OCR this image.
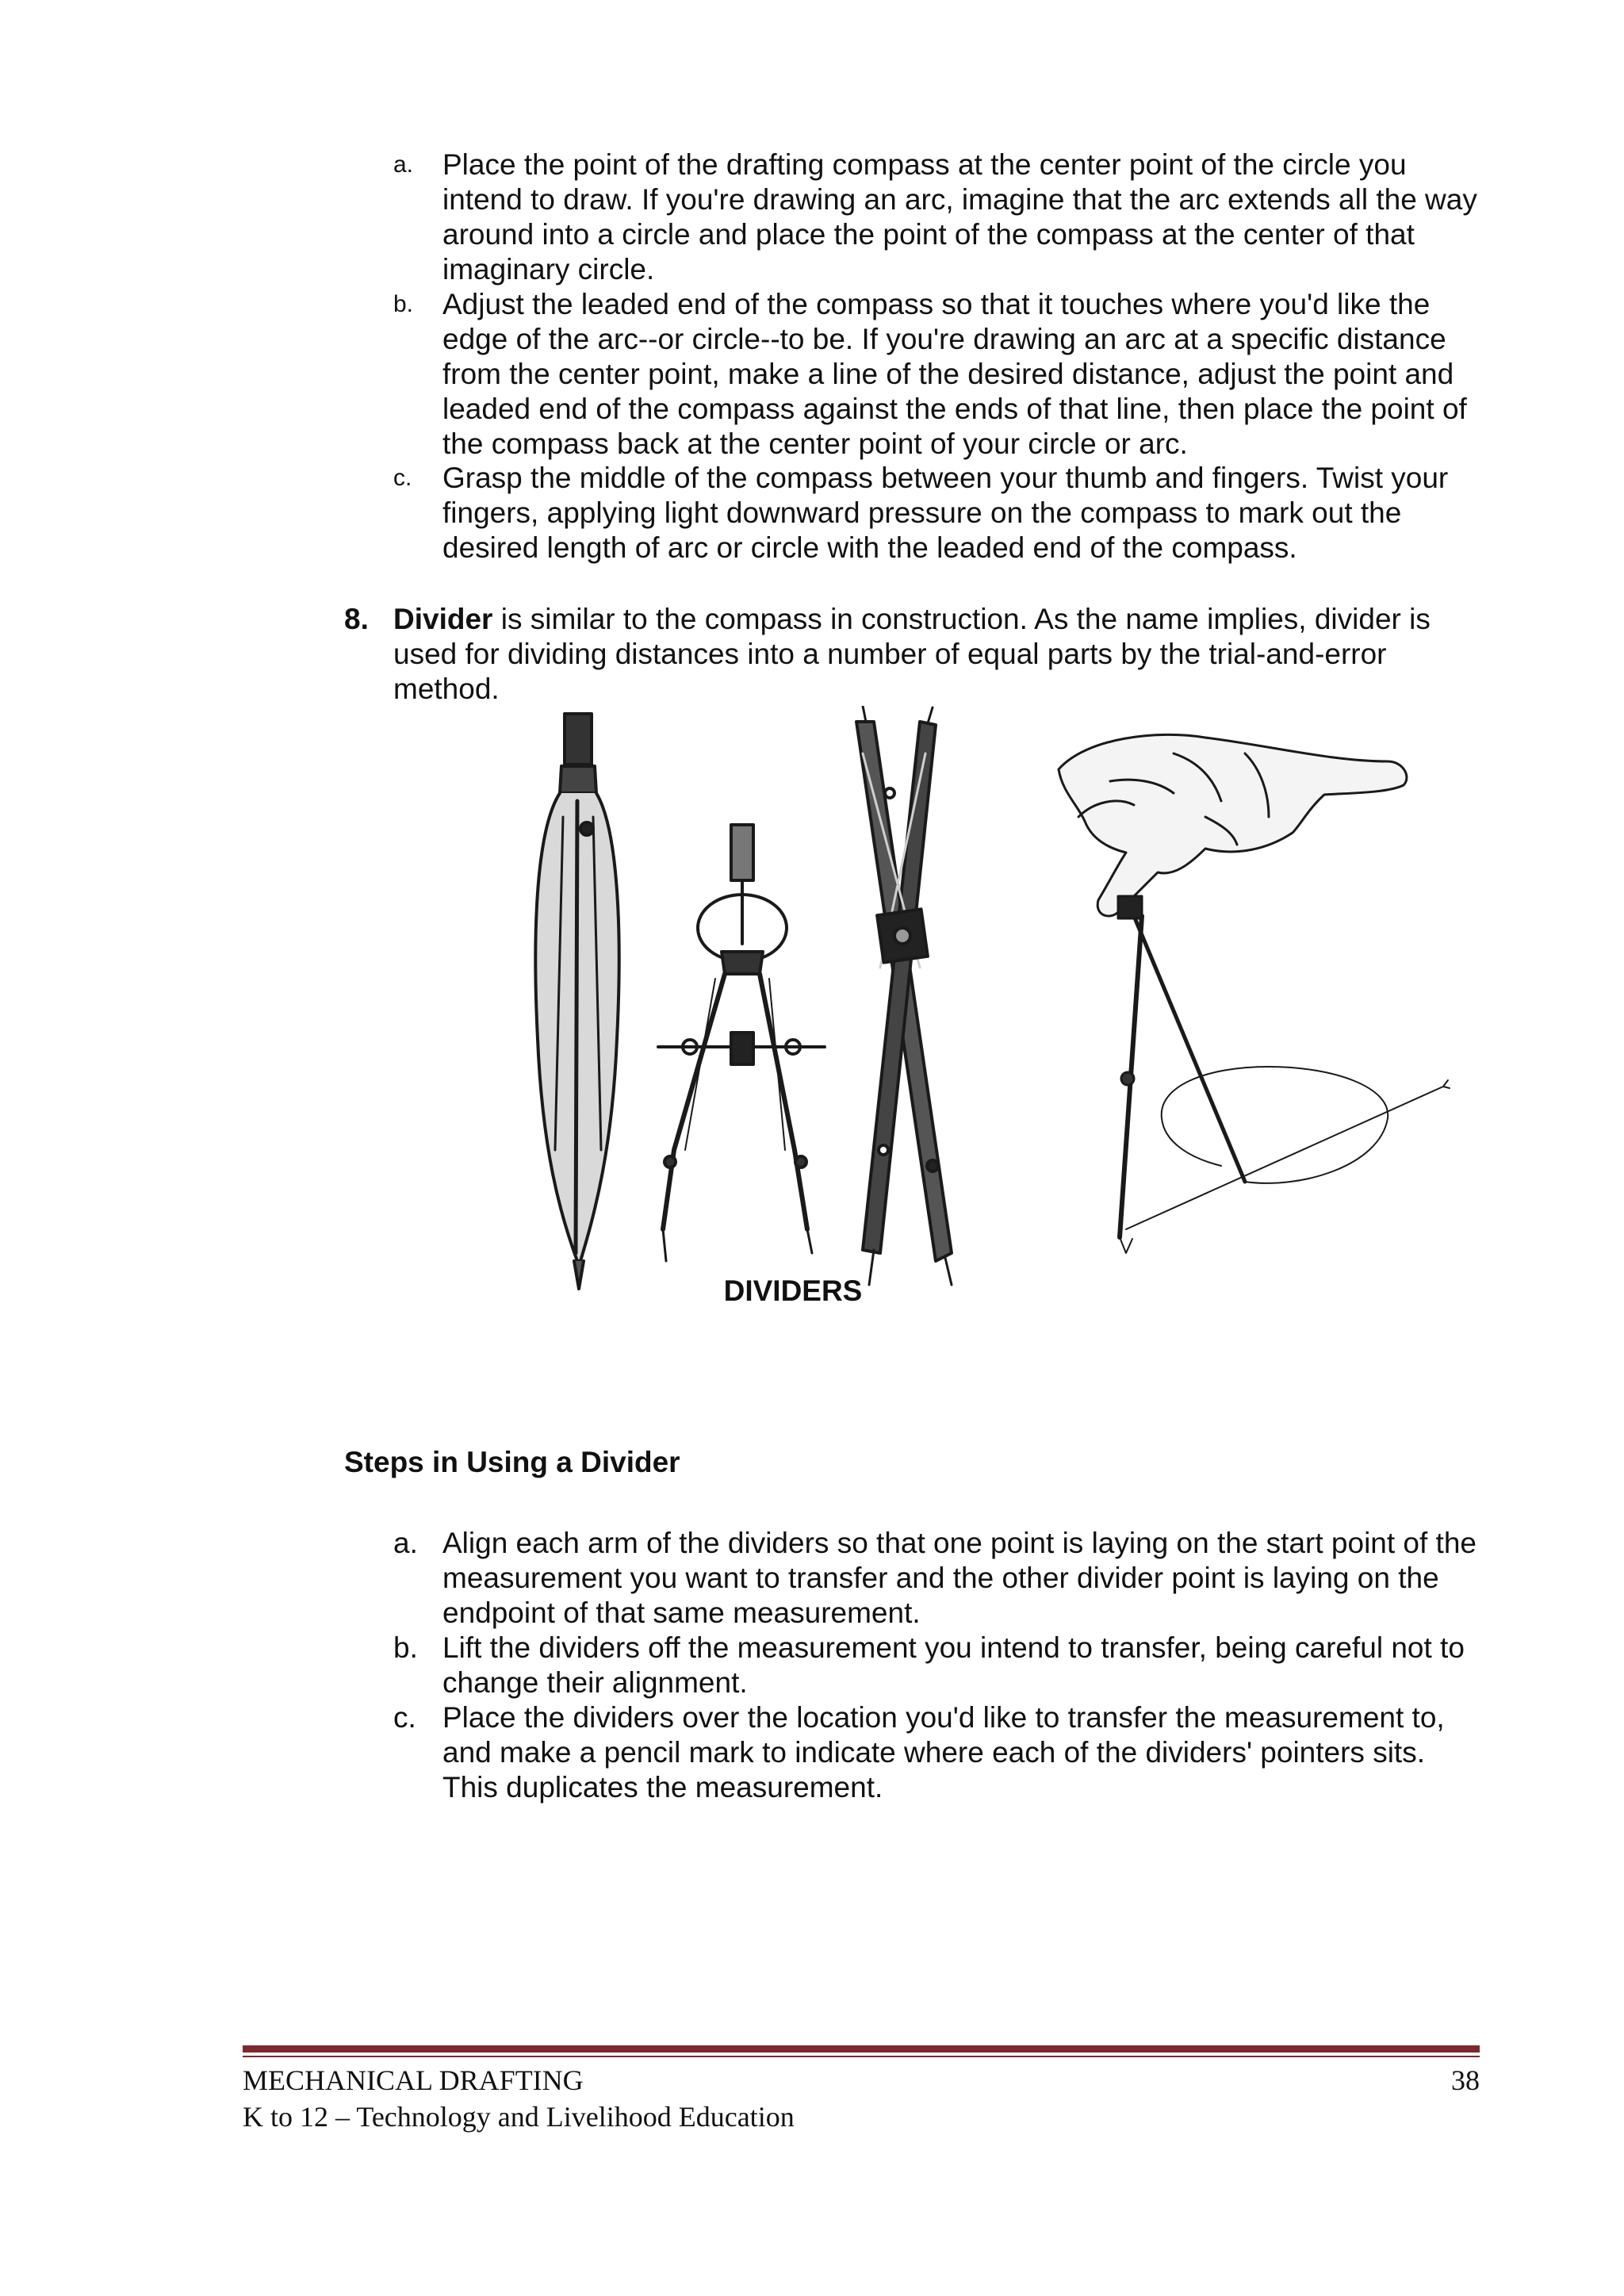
a. Place the point of the drafting compass at the center point of the circle you intend to draw. If you're drawing an arc, imagine that the arc extends all the way around into a circle and place the point of the compass at the center of that imaginary circle.
b. Adjust the leaded end of the compass so that it touches where you'd like the edge of the arc--or circle--to be. If you're drawing an arc at a specific distance from the center point, make a line of the desired distance, adjust the point and leaded end of the compass against the ends of that line, then place the point of the compass back at the center point of your circle or arc.
c. Grasp the middle of the compass between your thumb and fingers. Twist your fingers, applying light downward pressure on the compass to mark out the desired length of arc or circle with the leaded end of the compass.
8. Divider is similar to the compass in construction. As the name implies, divider is used for dividing distances into a number of equal parts by the trial-and-error method.
DIVIDERS
Steps in Using a Divider
a. Align each arm of the dividers so that one point is laying on the start point of the measurement you want to transfer and the other divider point is laying on the endpoint of that same measurement.
b. Lift the dividers off the measurement you intend to transfer, being careful not to change their alignment.
c. Place the dividers over the location you'd like to transfer the measurement to, and make a pencil mark to indicate where each of the dividers' pointers sits. This duplicates the measurement.
MECHANICAL DRAFTING
K to 12 – Technology and Livelihood Education
38
